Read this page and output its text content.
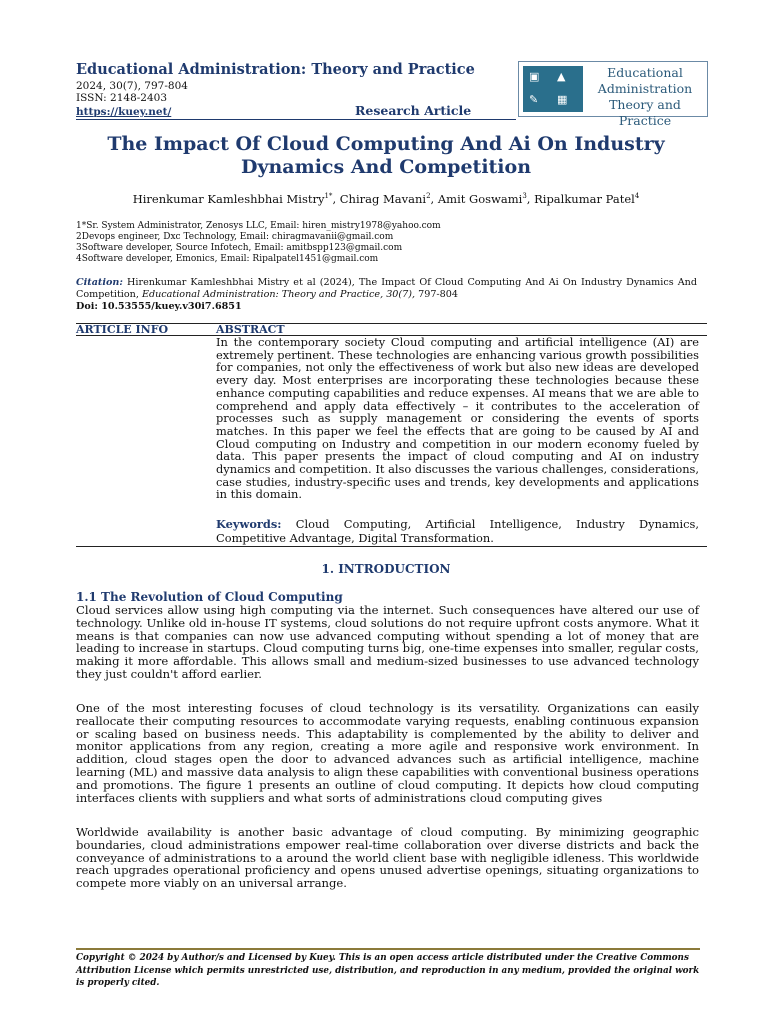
Educational Administration: Theory and Practice
2024, 30(7), 797-804
ISSN: 2148-2403
https://kuey.net/	Research Article
▣ ▲
✎ ▦
Educational
Administration
Theory and Practice
The Impact Of Cloud Computing And Ai On Industry Dynamics And Competition
Hirenkumar Kamleshbhai Mistry$^{1*}$, Chirag Mavani$^2$, Amit Goswami$^3$, Ripalkumar Patel$^4$
1*Sr. System Administrator, Zenosys LLC, Email: hiren_mistry1978@yahoo.com
2Devops engineer, Dxc Technology, Email: chiragmavanii@gmail.com
3Software developer, Source Infotech, Email: amitbspp123@gmail.com
4Software developer, Emonics, Email: Ripalpatel1451@gmail.com
Citation: Hirenkumar Kamleshbhai Mistry et al (2024), The Impact Of Cloud Computing And Ai On Industry Dynamics And Competition, Educational Administration: Theory and Practice, 30(7), 797-804
Doi: 10.53555/kuey.v30i7.6851
ARTICLE INFO	ABSTRACT

In the contemporary society Cloud computing and artificial intelligence (AI) are extremely pertinent. These technologies are enhancing various growth possibilities for companies, not only the effectiveness of work but also new ideas are developed every day. Most enterprises are incorporating these technologies because these enhance computing capabilities and reduce expenses. AI means that we are able to comprehend and apply data effectively – it contributes to the acceleration of processes such as supply management or considering the events of sports matches. In this paper we feel the effects that are going to be caused by AI and Cloud computing on Industry and competition in our modern economy fueled by data. This paper presents the impact of cloud computing and AI on industry dynamics and competition. It also discusses the various challenges, considerations, case studies, industry-specific uses and trends, key developments and applications in this domain.

Keywords: Cloud Computing, Artificial Intelligence, Industry Dynamics, Competitive Advantage, Digital Transformation.

1. INTRODUCTION
1.1 The Revolution of Cloud Computing

Cloud services allow using high computing via the internet. Such consequences have altered our use of technology. Unlike old in-house IT systems, cloud solutions do not require upfront costs anymore. What it means is that companies can now use advanced computing without spending a lot of money that are leading to increase in startups. Cloud computing turns big, one-time expenses into smaller, regular costs, making it more affordable. This allows small and medium-sized businesses to use advanced technology they just couldn't afford earlier.

One of the most interesting focuses of cloud technology is its versatility. Organizations can easily reallocate their computing resources to accommodate varying requests, enabling continuous expansion or scaling based on business needs. This adaptability is complemented by the ability to deliver and monitor applications from any region, creating a more agile and responsive work environment. In addition, cloud stages open the door to advanced advances such as artificial intelligence, machine learning (ML) and massive data analysis to align these capabilities with conventional business operations and promotions. The figure 1 presents an outline of cloud computing. It depicts how cloud computing interfaces clients with suppliers and what sorts of administrations cloud computing gives

Worldwide availability is another basic advantage of cloud computing. By minimizing geographic boundaries, cloud administrations empower real-time collaboration over diverse districts and back the conveyance of administrations to a around the world client base with negligible idleness. This worldwide reach upgrades operational proficiency and opens unused advertise openings, situating organizations to compete more viably on an universal arrange.

Copyright © 2024 by Author/s and Licensed by Kuey. This is an open access article distributed under the Creative Commons Attribution License which permits unrestricted use, distribution, and reproduction in any medium, provided the original work is properly cited.
